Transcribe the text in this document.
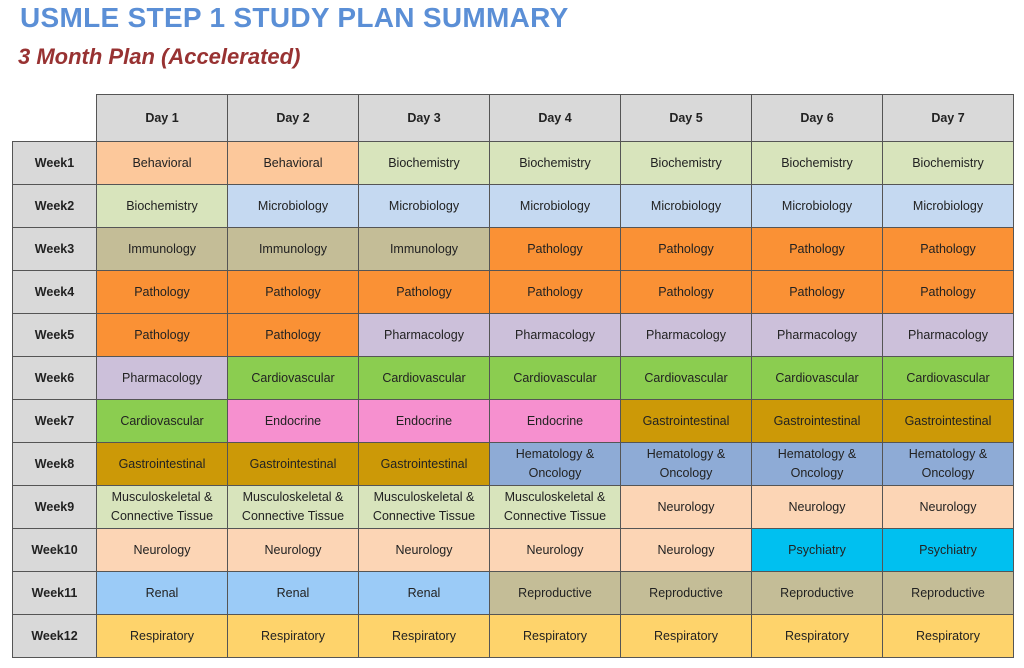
USMLE STEP 1 STUDY PLAN SUMMARY
3 Month Plan (Accelerated)
	Day 1	Day 2	Day 3	Day 4	Day 5	Day 6	Day 7
Week1	Behavioral	Behavioral	Biochemistry	Biochemistry	Biochemistry	Biochemistry	Biochemistry
Week2	Biochemistry	Microbiology	Microbiology	Microbiology	Microbiology	Microbiology	Microbiology
Week3	Immunology	Immunology	Immunology	Pathology	Pathology	Pathology	Pathology
Week4	Pathology	Pathology	Pathology	Pathology	Pathology	Pathology	Pathology
Week5	Pathology	Pathology	Pharmacology	Pharmacology	Pharmacology	Pharmacology	Pharmacology
Week6	Pharmacology	Cardiovascular	Cardiovascular	Cardiovascular	Cardiovascular	Cardiovascular	Cardiovascular
Week7	Cardiovascular	Endocrine	Endocrine	Endocrine	Gastrointestinal	Gastrointestinal	Gastrointestinal
Week8	Gastrointestinal	Gastrointestinal	Gastrointestinal	Hematology & Oncology	Hematology & Oncology	Hematology & Oncology	Hematology & Oncology
Week9	Musculoskeletal & Connective Tissue	Musculoskeletal & Connective Tissue	Musculoskeletal & Connective Tissue	Musculoskeletal & Connective Tissue	Neurology	Neurology	Neurology
Week10	Neurology	Neurology	Neurology	Neurology	Neurology	Psychiatry	Psychiatry
Week11	Renal	Renal	Renal	Reproductive	Reproductive	Reproductive	Reproductive
Week12	Respiratory	Respiratory	Respiratory	Respiratory	Respiratory	Respiratory	Respiratory
